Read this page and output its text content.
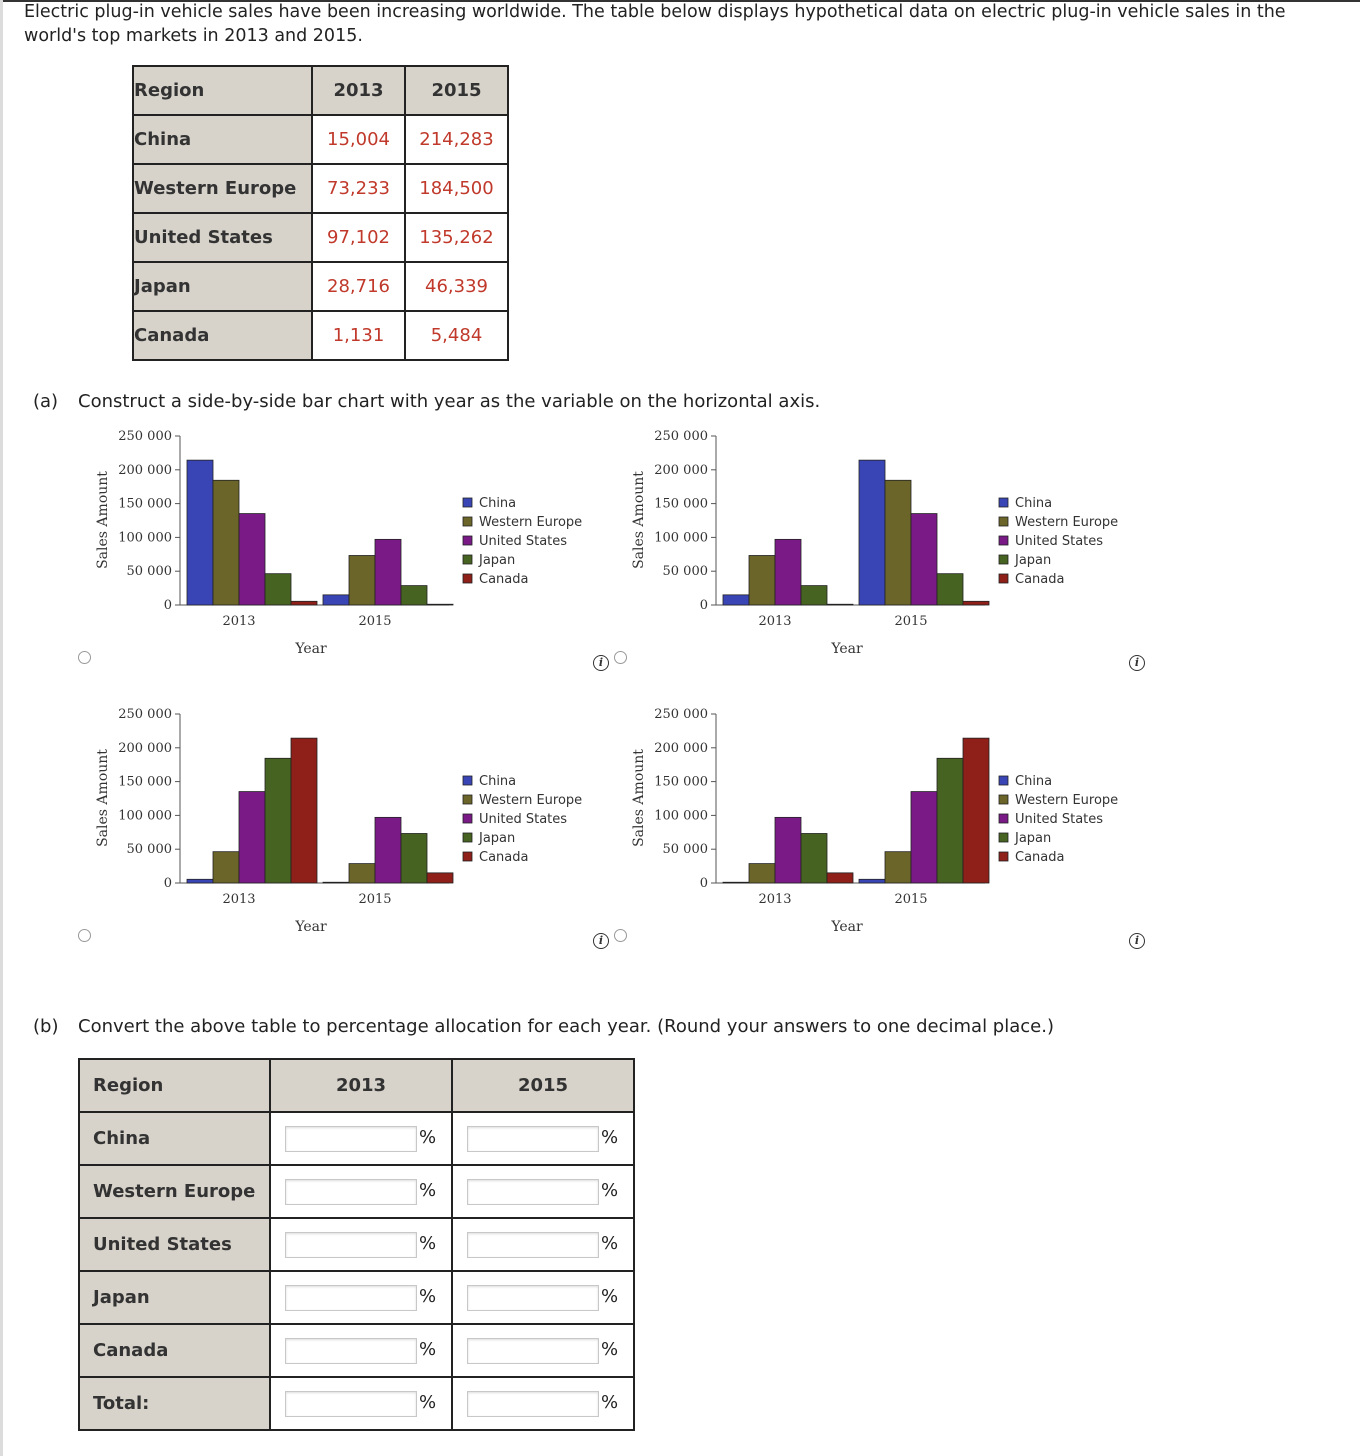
Electric plug-in vehicle sales have been increasing worldwide. The table below displays hypothetical data on electric plug-in vehicle sales in the world's top markets in 2013 and 2015.
Region	2013	2015
China	15,004	214,283
Western Europe	73,233	184,500
United States	97,102	135,262
Japan	28,716	46,339
Canada	1,131	5,484
(a) Construct a side-by-side bar chart with year as the variable on the horizontal axis.
0
50 000
100 000
150 000
200 000
250 000
Sales Amount
2013	2015
Year
China
Western Europe
United States
Japan
Canada
0
50 000
100 000
150 000
200 000
250 000
Sales Amount
2013	2015
Year
China
Western Europe
United States
Japan
Canada
0
50 000
100 000
150 000
200 000
250 000
Sales Amount
2013	2015
Year
China
Western Europe
United States
Japan
Canada
0
50 000
100 000
150 000
200 000
250 000
Sales Amount
2013	2015
Year
China
Western Europe
United States
Japan
Canada
i	i
i	i
(b) Convert the above table to percentage allocation for each year. (Round your answers to one decimal place.)
Region	2013	2015
China	%	%

Western Europe	%	%

United States	%	%

Japan	%	%

Canada	%	%

Total:	%	%
